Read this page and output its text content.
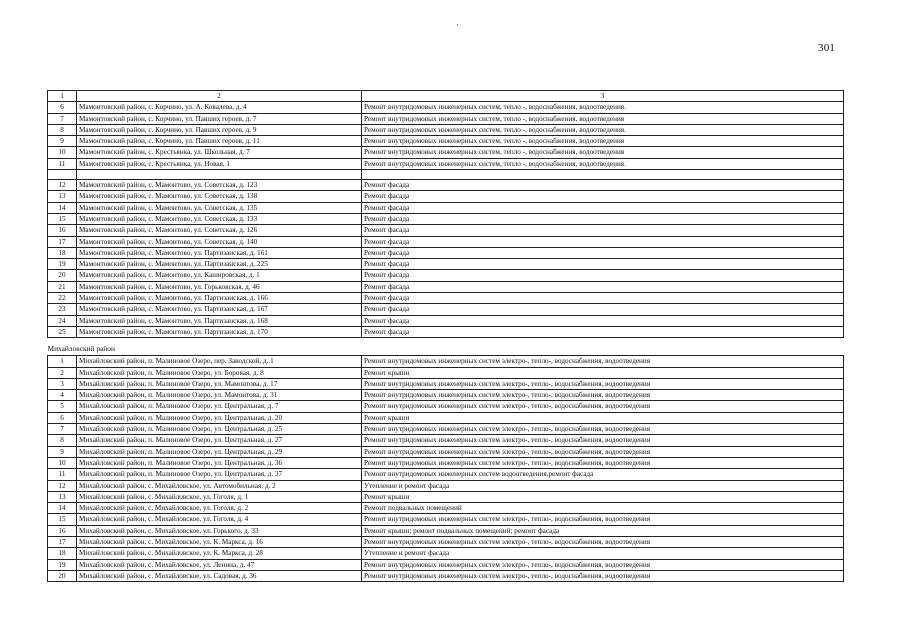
301
1	2	3
6	Мамонтовский район, с. Корчино, ул. А. Ковалева, д. 4	Ремонт внутридомовых инженерных систем, тепло -, водоснабжения, водоотведения.
7	Мамонтовский район, с. Корчино, ул. Павших героев, д. 7	Ремонт внутридомовых инженерных систем, тепло -, водоснабжения, водоотведения
8	Мамонтовский район, с. Корчино, ул. Павших героев, д. 9	Ремонт внутридомовых инженерных систем, тепло -, водоснабжения, водоотведения.
9	Мамонтовский район, с. Корчино, ул. Павших героев, д. 11	Ремонт внутридомовых инженерных систем, тепло -, водоснабжения, водоотведения
10	Мамонтовский район, с. Крестьянка, ул. Школьная, д. 7	Ремонт внутридомовых инженерных систем, тепло -, водоснабжения, водоотведения
11	Мамонтовский район, с. Крестьянка, ул. Новая, 1	Ремонт внутридомовых инженерных систем, тепло -, водоснабжения, водоотведения.

12	Мамонтовский район, с. Мамонтово, ул. Советская, д. 123	Ремонт фасада
13	Мамонтовский район, с. Мамонтово, ул. Советская, д. 138	Ремонт фасада
14	Мамонтовский район, с. Мамонтово, ул. Советская, д. 135	Ремонт фасада
15	Мамонтовский район, с. Мамонтово, ул. Советская, д. 133	Ремонт фасада
16	Мамонтовский район, с. Мамонтово, ул. Советская, д. 126	Ремонт фасада
17	Мамонтовский район, с. Мамонтово, ул. Советская, д. 140	Ремонт фасада
18	Мамонтовский район, с. Мамонтово, ул. Партизанская, д. 161	Ремонт фасада
19	Мамонтовский район, с. Мамонтово, ул. Партизанская, д. 225	Ремонт фасада
20	Мамонтовский район, с. Мамонтово, ул. Кашировская, д. 1	Ремонт фасада
21	Мамонтовский район, с. Мамонтово, ул. Горьковская, д. 46	Ремонт фасада
22	Мамонтовский район, с. Мамонтово, ул. Партизанская, д. 166	Ремонт фасада
23	Мамонтовский район, с. Мамонтово, ул. Партизанская, д. 167	Ремонт фасада
24	Мамонтовский район, с. Мамонтово, ул. Партизанская, д. 168	Ремонт фасада
25	Мамонтовский район, с. Мамонтово, ул. Партизанская, д. 170	Ремонт фасада
Михайловский район		
1	Михайловский район, п. Малиновое Озеро, пер. Заводской, д. 1	Ремонт внутридомовых инженерных систем электро-, тепло-, водоснабжения, водоотведения
2	Михайловский район, п. Малиновое Озеро, ул. Боровая, д. 8	Ремонт крыши
3	Михайловский район, п. Малиновое Озеро, ул. Мамонтова, д. 17	Ремонт внутридомовых инженерных систем электро-, тепло-, водоснабжения, водоотведения
4	Михайловский район, п. Малиновое Озеро, ул. Мамонтова, д. 31	Ремонт внутридомовых инженерных систем электро-, тепло-, водоснабжения, водоотведения
5	Михайловский район, п. Малиновое Озеро, ул. Центральная, д. 7	Ремонт внутридомовых инженерных систем электро-, тепло-, водоснабжения, водоотведения
6	Михайловский район, п. Малиновое Озеро, ул. Центральная, д. 20	Ремонт крыши
7	Михайловский район, п. Малиновое Озеро, ул. Центральная, д. 25	Ремонт внутридомовых инженерных систем электро-, тепло-, водоснабжения, водоотведения
8	Михайловский район, п. Малиновое Озеро, ул. Центральная, д. 27	Ремонт внутридомовых инженерных систем электро-, тепло-, водоснабжения, водоотведения
9	Михайловский район, п. Малиновое Озеро, ул. Центральная, д. 29	Ремонт внутридомовых инженерных систем электро-, тепло-, водоснабжения, водоотведения
10	Михайловский район, п. Малиновое Озеро, ул. Центральная, д. 36	Ремонт внутридомовых инженерных систем электро-, тепло-, водоснабжения, водоотведения
11	Михайловский район, п. Малиновое Озеро, ул. Центральная, д. 37	Ремонт внутридомовых инженерных систем водоотведения,ремонт фасада
12	Михайловский район, с. Михайловское, ул. Автомобильная, д. 2	Утепление и ремонт фасада
13	Михайловский район, с. Михайловское, ул. Гоголя, д. 1	Ремонт крыши
14	Михайловский район, с. Михайловское, ул. Гоголя, д. 2	Ремонт подвальных помещений
15	Михайловский район, с. Михайловское, ул. Гоголя, д. 4	Ремонт внутридомовых инженерных систем электро-, тепло-, водоснабжения, водоотведения
16	Михайловский район, с. Михайловское, ул. Горького, д. 33	Ремонт крыши; ремонт подвальных помещений; ремонт фасада
17	Михайловский район, с. Михайловское, ул. К. Маркса, д. 16	Ремонт внутридомовых инженерных систем электро-, тепло-, водоснабжения, водоотведения
18	Михайловский район, с. Михайловское, ул. К. Маркса, д. 28	Утепление и ремонт фасада
19	Михайловский район, с. Михайловское, ул. Ленина, д. 47	Ремонт внутридомовых инженерных систем электро-, тепло-, водоснабжения, водоотведения
20	Михайловский район, с. Михайловское, ул. Садовая, д. 36	Ремонт внутридомовых инженерных систем электро-, тепло-, водоснабжения, водоотведения
